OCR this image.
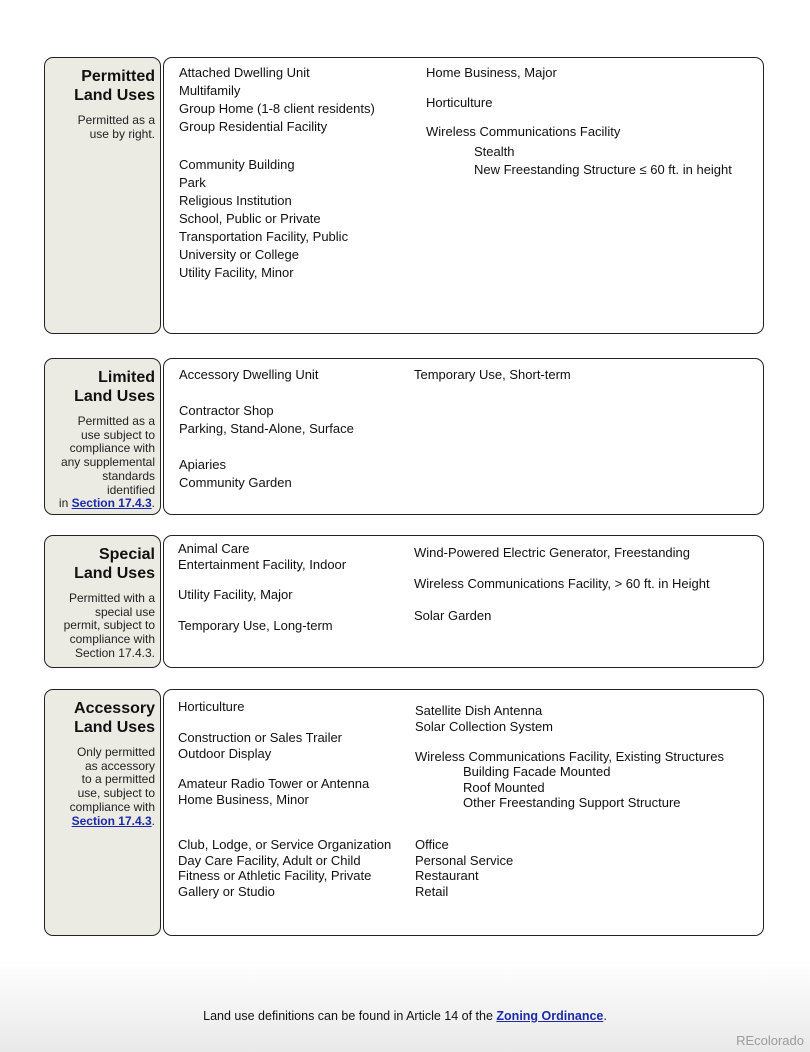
Permitted
Land Uses
Permitted as a
use by right.
Attached Dwelling Unit
Multifamily
Group Home (1-8 client residents)
Group Residential Facility
Community Building
Park
Religious Institution
School, Public or Private
Transportation Facility, Public
University or College
Utility Facility, Minor
Home Business, Major
Horticulture
Wireless Communications Facility
Stealth
New Freestanding Structure ≤ 60 ft. in height
Limited
Land Uses
Permitted as a
use subject to
compliance with
any supplemental
standards identified
in Section 17.4.3.
Accessory Dwelling Unit
Contractor Shop
Parking, Stand-Alone, Surface
Apiaries
Community Garden
Temporary Use, Short-term
Special
Land Uses
Permitted with a
special use
permit, subject to
compliance with
Section 17.4.3.
Animal Care
Entertainment Facility, Indoor
Utility Facility, Major
Temporary Use, Long-term
Wind-Powered Electric Generator, Freestanding
Wireless Communications Facility, > 60 ft. in Height
Solar Garden
Accessory
Land Uses
Only permitted
as accessory
to a permitted
use, subject to
compliance with
Section 17.4.3.
Horticulture
Construction or Sales Trailer
Outdoor Display
Amateur Radio Tower or Antenna
Home Business, Minor
Club, Lodge, or Service Organization
Day Care Facility, Adult or Child
Fitness or Athletic Facility, Private
Gallery or Studio
Satellite Dish Antenna
Solar Collection System
Wireless Communications Facility, Existing Structures
Building Facade Mounted
Roof Mounted
Other Freestanding Support Structure
Office
Personal Service
Restaurant
Retail
Land use definitions can be found in Article 14 of the Zoning Ordinance.
REcolorado
